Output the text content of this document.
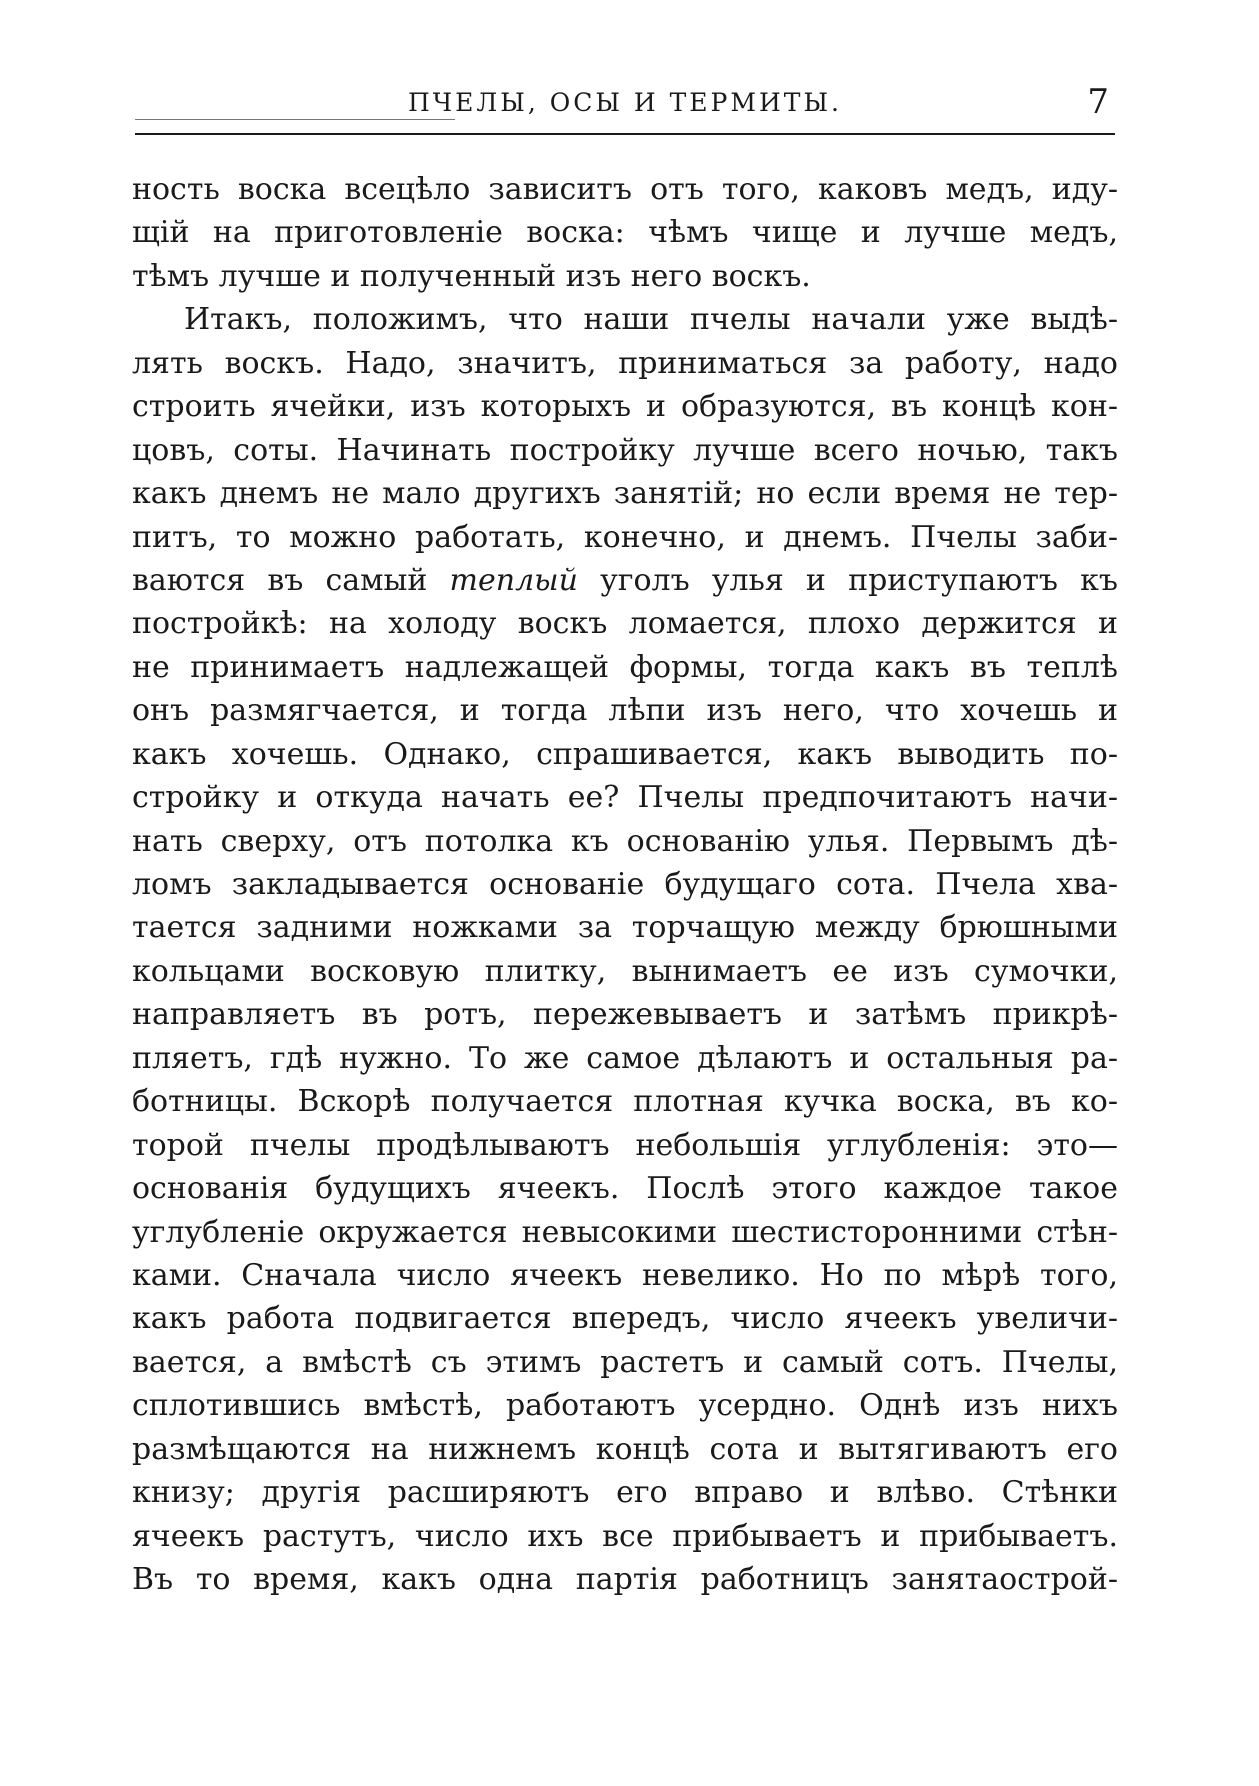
ПЧЕЛЫ, ОСЫ И ТЕРМИТЫ.	7
ность воска всецѣло зависитъ отъ того, каковъ медъ, иду-
щій на приготовленіе воска: чѣмъ чище и лучше медъ,
тѣмъ лучше и полученный изъ него воскъ.
Итакъ, положимъ, что наши пчелы начали уже выдѣ-
лять воскъ. Надо, значитъ, приниматься за работу, надо
строить ячейки, изъ которыхъ и образуются, въ концѣ кон-
цовъ, соты. Начинать постройку лучше всего ночью, такъ
какъ днемъ не мало другихъ занятій; но если время не тер-
питъ, то можно работать, конечно, и днемъ. Пчелы заби-
ваются въ самый теплый уголъ улья и приступаютъ къ
постройкѣ: на холоду воскъ ломается, плохо держится и
не принимаетъ надлежащей формы, тогда какъ въ теплѣ
онъ размягчается, и тогда лѣпи изъ него, что хочешь и
какъ хочешь. Однако, спрашивается, какъ выводить по-
стройку и откуда начать ее? Пчелы предпочитаютъ начи-
нать сверху, отъ потолка къ основанію улья. Первымъ дѣ-
ломъ закладывается основаніе будущаго сота. Пчела хва-
тается задними ножками за торчащую между брюшными
кольцами восковую плитку, вынимаетъ ее изъ сумочки,
направляетъ въ ротъ, пережевываетъ и затѣмъ прикрѣ-
пляетъ, гдѣ нужно. То же самое дѣлаютъ и остальныя ра-
ботницы. Вскорѣ получается плотная кучка воска, въ ко-
торой пчелы продѣлываютъ небольшія углубленія: это—
основанія будущихъ ячеекъ. Послѣ этого каждое такое
углубленіе окружается невысокими шестисторонними стѣн-
ками. Сначала число ячеекъ невелико. Но по мѣрѣ того,
какъ работа подвигается впередъ, число ячеекъ увеличи-
вается, а вмѣстѣ съ этимъ растетъ и самый сотъ. Пчелы,
сплотившись вмѣстѣ, работаютъ усердно. Однѣ изъ нихъ
размѣщаются на нижнемъ концѣ сота и вытягиваютъ его
книзу; другія расширяютъ его вправо и влѣво. Стѣнки
ячеекъ растутъ, число ихъ все прибываетъ и прибываетъ.
Въ то время, какъ одна партія работницъ занятаострой-
